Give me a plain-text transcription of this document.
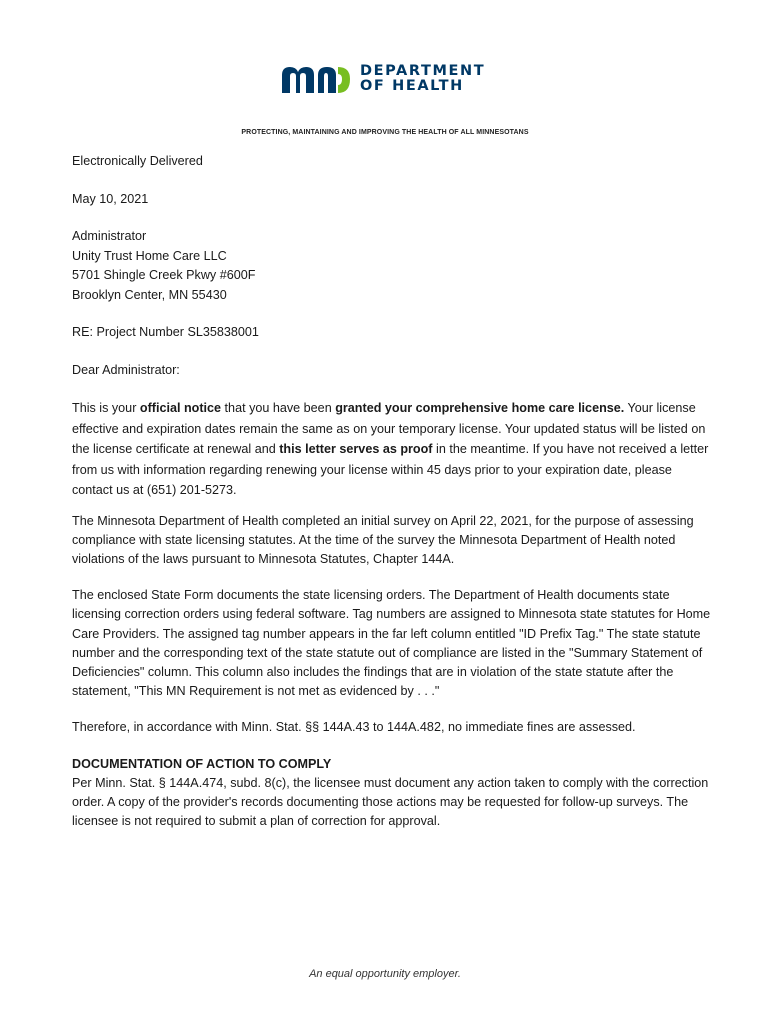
DEPARTMENT
OF HEALTH
PROTECTING, MAINTAINING AND IMPROVING THE HEALTH OF ALL MINNESOTANS

Electronically Delivered

May 10, 2021

Administrator

Unity Trust Home Care LLC

5701 Shingle Creek Pkwy #600F

Brooklyn Center, MN 55430

RE: Project Number SL35838001

Dear Administrator:

This is your official notice that you have been granted your comprehensive home care license. Your license effective and expiration dates remain the same as on your temporary license. Your updated status will be listed on the license certificate at renewal and this letter serves as proof in the meantime. If you have not received a letter from us with information regarding renewing your license within 45 days prior to your expiration date, please contact us at (651) 201-5273.

The Minnesota Department of Health completed an initial survey on April 22, 2021, for the purpose of assessing compliance with state licensing statutes. At the time of the survey the Minnesota Department of Health noted violations of the laws pursuant to Minnesota Statutes, Chapter 144A.

The enclosed State Form documents the state licensing orders. The Department of Health documents state licensing correction orders using federal software. Tag numbers are assigned to Minnesota state statutes for Home Care Providers. The assigned tag number appears in the far left column entitled "ID Prefix Tag." The state statute number and the corresponding text of the state statute out of compliance are listed in the "Summary Statement of Deficiencies" column. This column also includes the findings that are in violation of the state statute after the statement, "This MN Requirement is not met as evidenced by . . ."

Therefore, in accordance with Minn. Stat. §§ 144A.43 to 144A.482, no immediate fines are assessed.

DOCUMENTATION OF ACTION TO COMPLY

Per Minn. Stat. § 144A.474, subd. 8(c), the licensee must document any action taken to comply with the correction order. A copy of the provider's records documenting those actions may be requested for follow-up surveys. The licensee is not required to submit a plan of correction for approval.

An equal opportunity employer.
